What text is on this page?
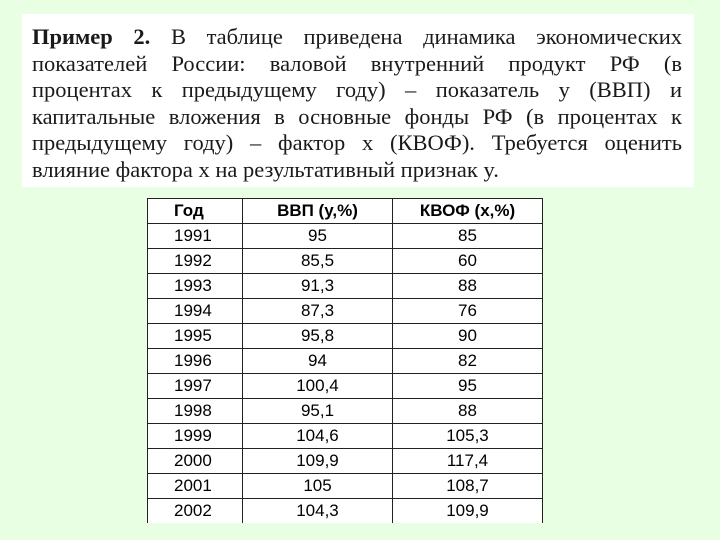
Пример 2. В таблице приведена динамика экономических
показателей России: валовой внутренний продукт РФ (в
процентах к предыдущему году) – показатель y (ВВП) и
капитальные вложения в основные фонды РФ (в процентах к
предыдущему году) – фактор x (КВОФ). Требуется оценить
влияние фактора x на результативный признак y.
Год	ВВП (y,%)	КВОФ (x,%)
1991	95	85
1992	85,5	60
1993	91,3	88
1994	87,3	76
1995	95,8	90
1996	94	82
1997	100,4	95
1998	95,1	88
1999	104,6	105,3
2000	109,9	117,4
2001	105	108,7
2002	104,3	109,9
